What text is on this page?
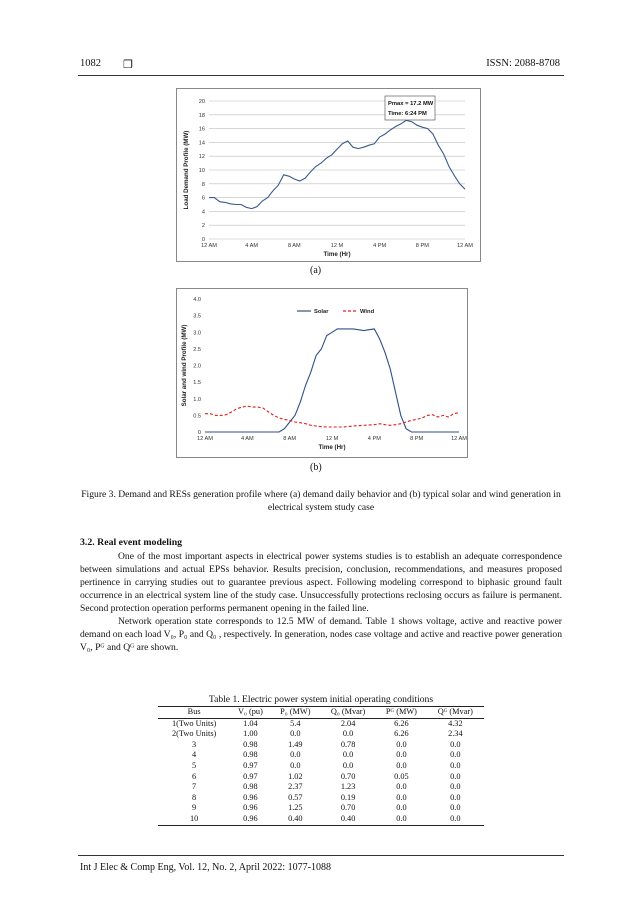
1082 ❒	ISSN: 2088-8708
0
2
4
6
8
10
12
14
16
18
20
12 AM	4 AM	8 AM	12 M	4 PM	8 PM	12 AM
Time (Hr)
Load Demand Profile (MW)
Pmax = 17.2 MW
Time: 6:24 PM
(a)
0
0.5
1.0
1.5
2.0
2.5
3.0
3.5
4.0
12 AM	4 AM	8 AM	12 M	4 PM	8 PM	12 AM
Time (Hr)
Solar and wind Profile (MW)
Solar	Wind
(b)
Figure 3. Demand and RESs generation profile where (a) demand daily behavior and (b) typical solar and wind generation in electrical system study case
3.2. Real event modeling

One of the most important aspects in electrical power systems studies is to establish an adequate correspondence between simulations and actual EPSs behavior. Results precision, conclusion, recommendations, and measures proposed pertinence in carrying studies out to guarantee previous aspect. Following modeling correspond to biphasic ground fault occurrence in an electrical system line of the study case. Unsuccessfully protections reclosing occurs as failure is permanent. Second protection operation performs permanent opening in the failed line.

Network operation state corresponds to 12.5 MW of demand. Table 1 shows voltage, active and reactive power demand on each load V₀, P₀ and Q₀ , respectively. In generation, nodes case voltage and active and reactive power generation V₀, Pᴳ and Qᴳ are shown.

Table 1. Electric power system initial operating conditions
Bus	V₀ (pu)	P₀ (MW)	Q₀ (Mvar)	Pᴳ (MW)	Qᴳ (Mvar)
1(Two Units)	1.04	5.4	2.04	6.26	4.32
2(Two Units)	1.00	0.0	0.0	6.26	2.34
3	0.98	1.49	0.78	0.0	0.0
4	0.98	0.0	0.0	0.0	0.0
5	0.97	0.0	0.0	0.0	0.0
6	0.97	1.02	0.70	0.05	0.0
7	0.98	2.37	1.23	0.0	0.0
8	0.96	0.57	0.19	0.0	0.0
9	0.96	1.25	0.70	0.0	0.0
10	0.96	0.40	0.40	0.0	0.0
Int J Elec & Comp Eng, Vol. 12, No. 2, April 2022: 1077-1088
